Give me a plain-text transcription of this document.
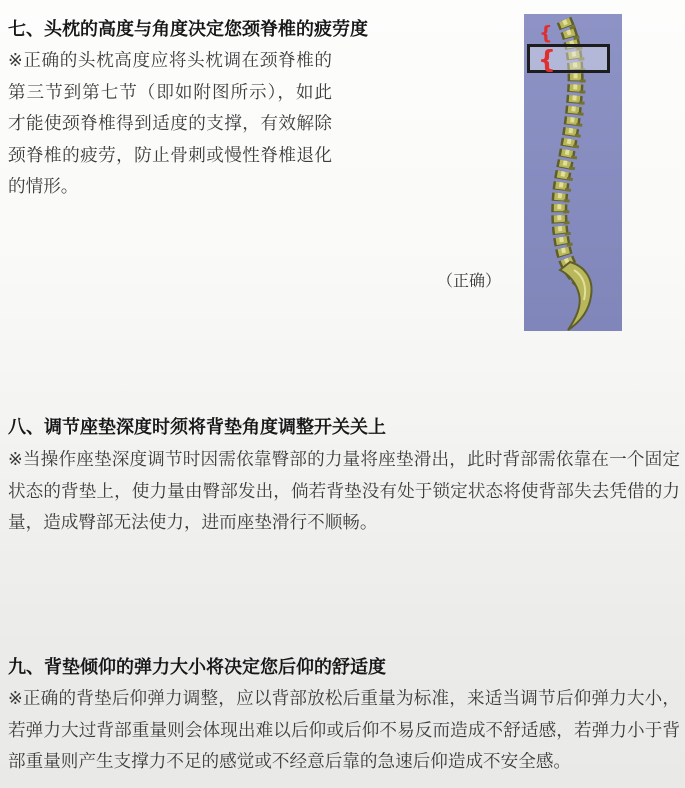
七、头枕的高度与角度决定您颈脊椎的疲劳度

※正确的头枕高度应将头枕调在颈脊椎的第三节到第七节（即如附图所示），如此才能使颈脊椎得到适度的支撑，有效解除颈脊椎的疲劳，防止骨刺或慢性脊椎退化的情形。

{
{
（正确）
八、调节座垫深度时须将背垫角度调整开关关上

※当操作座垫深度调节时因需依靠臀部的力量将座垫滑出，此时背部需依靠在一个固定状态的背垫上，使力量由臀部发出，倘若背垫没有处于锁定状态将使背部失去凭借的力量，造成臀部无法使力，进而座垫滑行不顺畅。

九、背垫倾仰的弹力大小将决定您后仰的舒适度

※正确的背垫后仰弹力调整，应以背部放松后重量为标准，来适当调节后仰弹力大小，若弹力大过背部重量则会体现出难以后仰或后仰不易反而造成不舒适感，若弹力小于背部重量则产生支撑力不足的感觉或不经意后靠的急速后仰造成不安全感。
